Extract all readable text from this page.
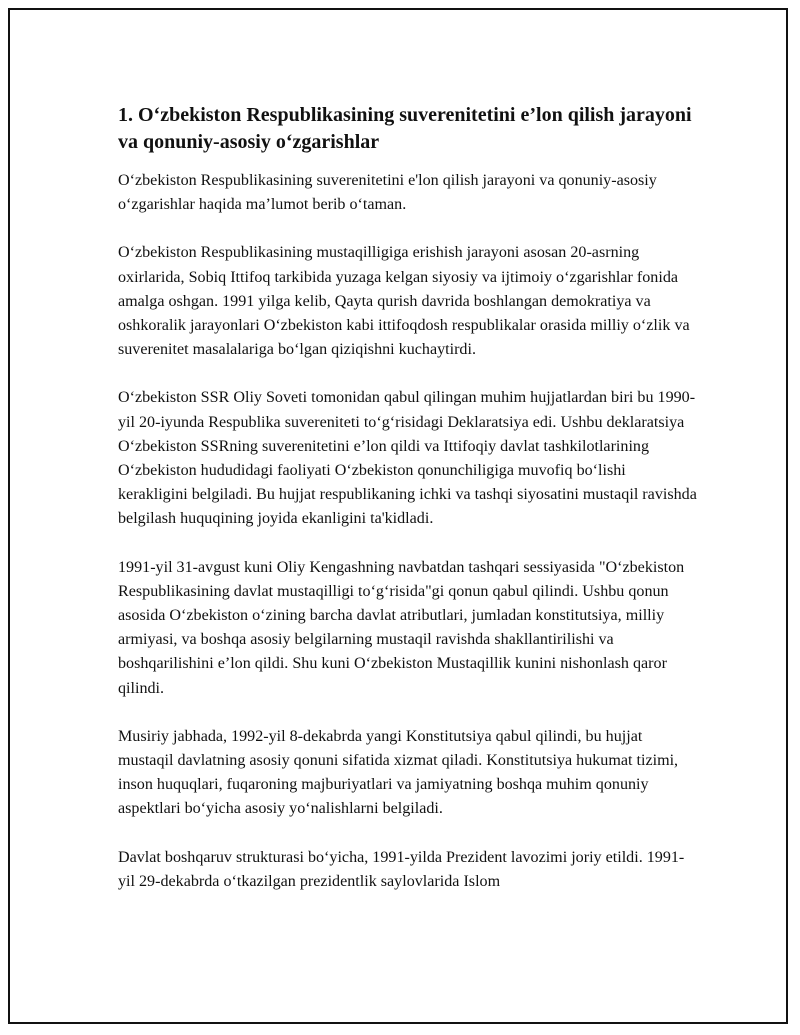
1. O‘zbekiston Respublikasining suverenitetini e’lon qilish jarayoni va qonuniy-asosiy o‘zgarishlar

O‘zbekiston Respublikasining suverenitetini e'lon qilish jarayoni va qonuniy-asosiy o‘zgarishlar haqida ma’lumot berib o‘taman.

O‘zbekiston Respublikasining mustaqilligiga erishish jarayoni asosan 20-asrning oxirlarida, Sobiq Ittifoq tarkibida yuzaga kelgan siyosiy va ijtimoiy o‘zgarishlar fonida amalga oshgan. 1991 yilga kelib, Qayta qurish davrida boshlangan demokratiya va oshkoralik jarayonlari O‘zbekiston kabi ittifoqdosh respublikalar orasida milliy o‘zlik va suverenitet masalalariga bo‘lgan qiziqishni kuchaytirdi.

O‘zbekiston SSR Oliy Soveti tomonidan qabul qilingan muhim hujjatlardan biri bu 1990-yil 20-iyunda Respublika suvereniteti to‘g‘risidagi Deklaratsiya edi. Ushbu deklaratsiya O‘zbekiston SSRning suverenitetini e’lon qildi va Ittifoqiy davlat tashkilotlarining O‘zbekiston hududidagi faoliyati O‘zbekiston qonunchiligiga muvofiq bo‘lishi kerakligini belgiladi. Bu hujjat respublikaning ichki va tashqi siyosatini mustaqil ravishda belgilash huquqining joyida ekanligini ta'kidladi.

1991-yil 31-avgust kuni Oliy Kengashning navbatdan tashqari sessiyasida "O‘zbekiston Respublikasining davlat mustaqilligi to‘g‘risida"gi qonun qabul qilindi. Ushbu qonun asosida O‘zbekiston o‘zining barcha davlat atributlari, jumladan konstitutsiya, milliy armiyasi, va boshqa asosiy belgilarning mustaqil ravishda shakllantirilishi va boshqarilishini e’lon qildi. Shu kuni O‘zbekiston Mustaqillik kunini nishonlash qaror qilindi.

Musiriy jabhada, 1992-yil 8-dekabrda yangi Konstitutsiya qabul qilindi, bu hujjat mustaqil davlatning asosiy qonuni sifatida xizmat qiladi. Konstitutsiya hukumat tizimi, inson huquqlari, fuqaroning majburiyatlari va jamiyatning boshqa muhim qonuniy aspektlari bo‘yicha asosiy yo‘nalishlarni belgiladi.

Davlat boshqaruv strukturasi bo‘yicha, 1991-yilda Prezident lavozimi joriy etildi. 1991-yil 29-dekabrda o‘tkazilgan prezidentlik saylovlarida Islom
